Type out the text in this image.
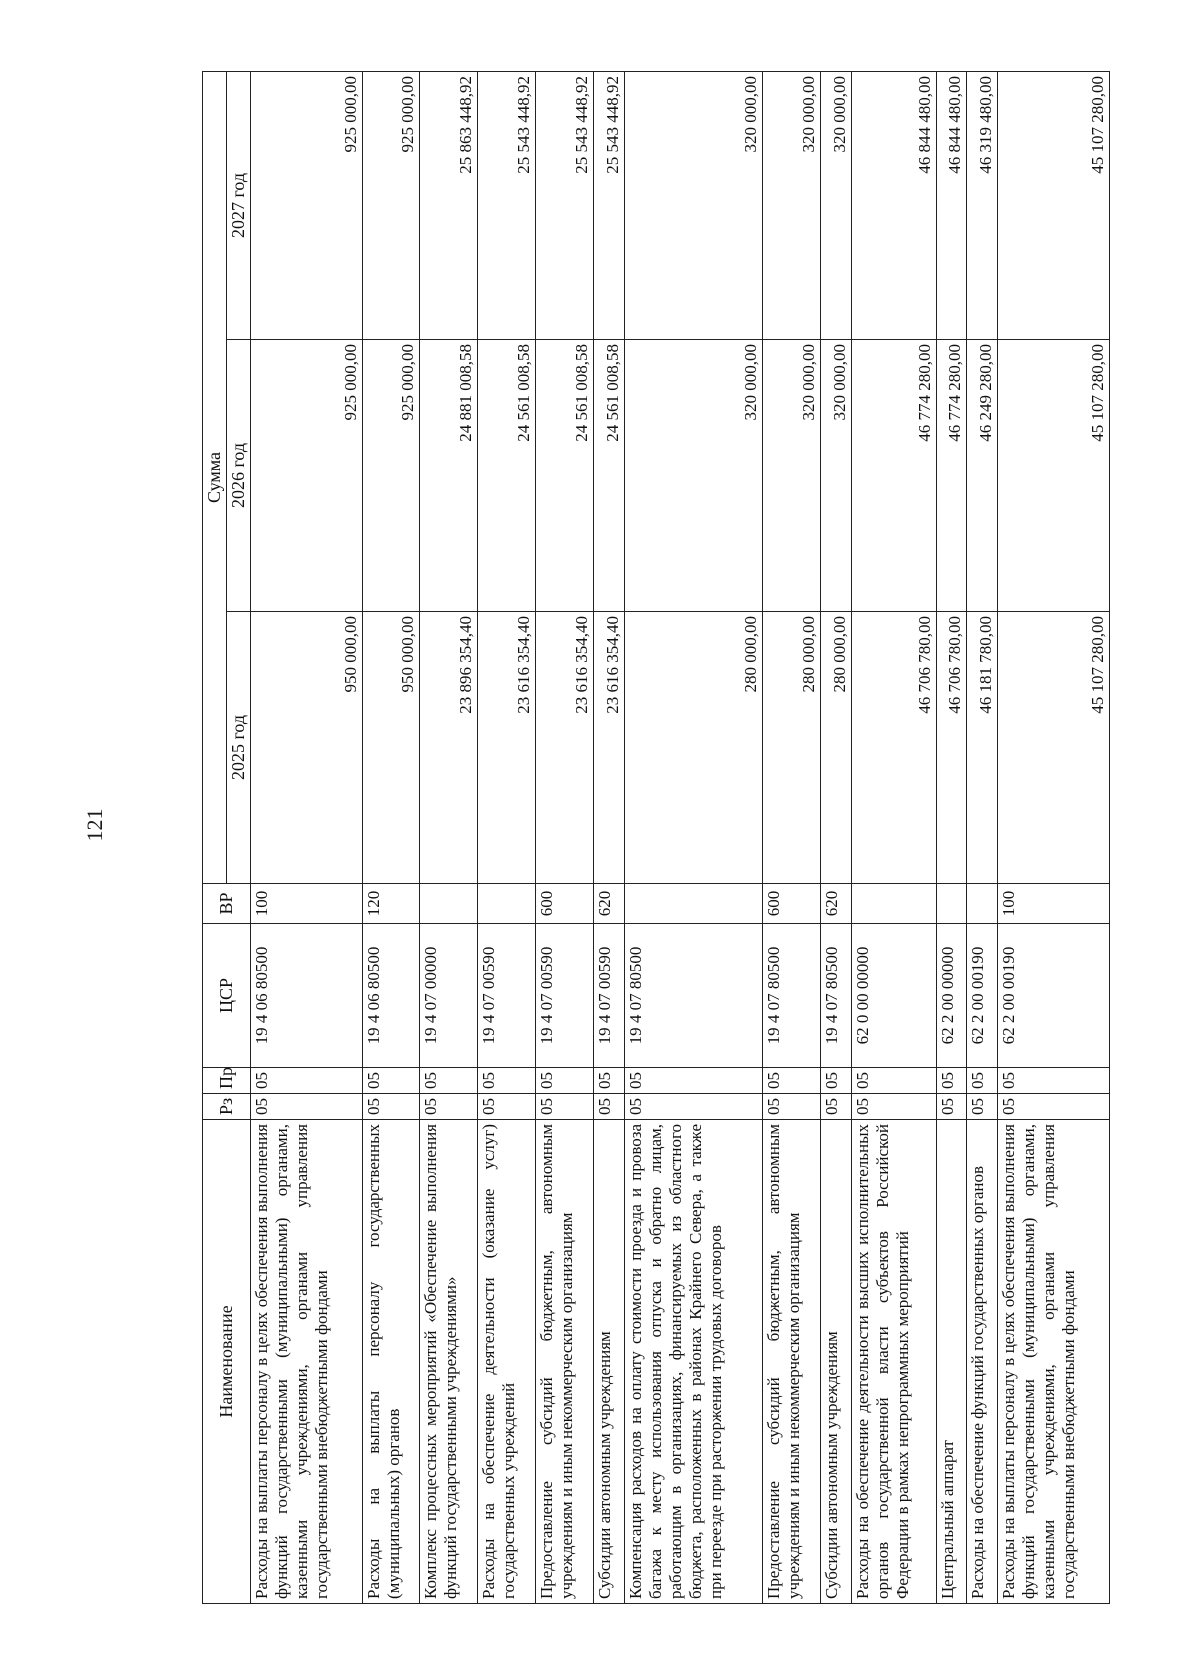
121
Наименование	Рз	Пр	ЦСР	ВР	Сумма		
					2025 год	2026 год	2027 год
Расходы на выплаты персоналу в целях обеспечения выполнения функций государственными (муниципальными) органами, казенными учреждениями, органами управления государственными внебюджетными фондами	05	05	19 4 06 80500	100	950 000,00	925 000,00	925 000,00
Расходы на выплаты персоналу государственных (муниципальных) органов	05	05	19 4 06 80500	120	950 000,00	925 000,00	925 000,00
Комплекс процессных мероприятий «Обеспечение выполнения функций государственными учреждениями»	05	05	19 4 07 00000		23 896 354,40	24 881 008,58	25 863 448,92
Расходы на обеспечение деятельности (оказание услуг) государственных учреждений	05	05	19 4 07 00590		23 616 354,40	24 561 008,58	25 543 448,92
Предоставление субсидий бюджетным, автономным учреждениям и иным некоммерческим организациям	05	05	19 4 07 00590	600	23 616 354,40	24 561 008,58	25 543 448,92
Субсидии автономным учреждениям	05	05	19 4 07 00590	620	23 616 354,40	24 561 008,58	25 543 448,92
Компенсация расходов на оплату стоимости проезда и провоза багажа к месту использования отпуска и обратно лицам, работающим в организациях, финансируемых из областного бюджета, расположенных в районах Крайнего Севера, а также при переезде при расторжении трудовых договоров	05	05	19 4 07 80500		280 000,00	320 000,00	320 000,00
Предоставление субсидий бюджетным, автономным учреждениям и иным некоммерческим организациям	05	05	19 4 07 80500	600	280 000,00	320 000,00	320 000,00
Субсидии автономным учреждениям	05	05	19 4 07 80500	620	280 000,00	320 000,00	320 000,00
Расходы на обеспечение деятельности высших исполнительных органов государственной власти субъектов Российской Федерации в рамках непрограммных мероприятий	05	05	62 0 00 00000		46 706 780,00	46 774 280,00	46 844 480,00
Центральный аппарат	05	05	62 2 00 00000		46 706 780,00	46 774 280,00	46 844 480,00
Расходы на обеспечение функций государственных органов	05	05	62 2 00 00190		46 181 780,00	46 249 280,00	46 319 480,00
Расходы на выплаты персоналу в целях обеспечения выполнения функций государственными (муниципальными) органами, казенными учреждениями, органами управления государственными внебюджетными фондами	05	05	62 2 00 00190	100	45 107 280,00	45 107 280,00	45 107 280,00
